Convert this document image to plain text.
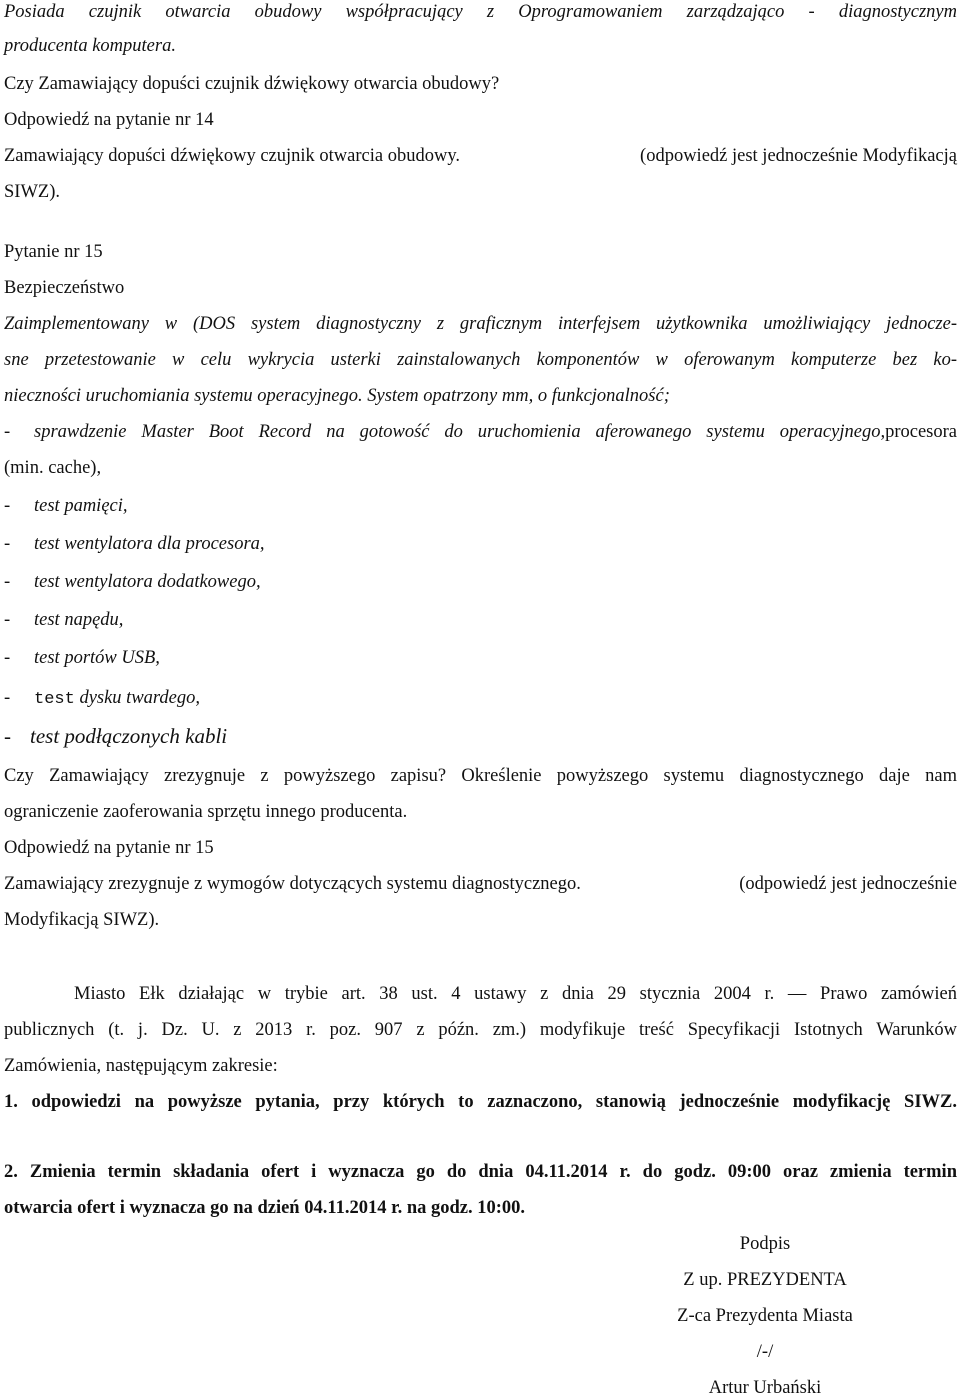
Posiada czujnik otwarcia obudowy współpracujący z Oprogramowaniem zarządzająco - diagnostycznym
producenta komputera.
Czy Zamawiający dopuści czujnik dźwiękowy otwarcia obudowy?
Odpowiedź na pytanie nr 14
Zamawiający dopuści dźwiękowy czujnik otwarcia obudowy.	(odpowiedź jest jednocześnie Modyfikacją
SIWZ).
Pytanie nr 15
Bezpieczeństwo
Zaimplementowany w (DOS system diagnostyczny z graficznym interfejsem użytkownika umożliwiający jednocze-
sne przetestowanie w celu wykrycia usterki zainstalowanych komponentów w oferowanym komputerze bez ko-
nieczności uruchomiania systemu operacyjnego. System opatrzony mm, o funkcjonalność;
- sprawdzenie Master Boot Record na gotowość do uruchomienia aferowanego systemu operacyjnego,procesora
(min. cache),
- test pamięci,
- test wentylatora dla procesora,
- test wentylatora dodatkowego,
- test napędu,
- test portów USB,
- test dysku twardego,
- test podłączonych kabli
Czy Zamawiający zrezygnuje z powyższego zapisu? Określenie powyższego systemu diagnostycznego daje nam
ograniczenie zaoferowania sprzętu innego producenta.
Odpowiedź na pytanie nr 15
Zamawiający zrezygnuje z wymogów dotyczących systemu diagnostycznego.	(odpowiedź jest jednocześnie
Modyfikacją SIWZ).
Miasto Ełk działając w trybie art. 38 ust. 4 ustawy z dnia 29 stycznia 2004 r. — Prawo zamówień
publicznych (t. j. Dz. U. z 2013 r. poz. 907 z późn. zm.) modyfikuje treść Specyfikacji Istotnych Warunków
Zamówienia, następującym zakresie:
1. odpowiedzi na powyższe pytania, przy których to zaznaczono, stanowią jednocześnie modyfikację SIWZ.
2. Zmienia termin składania ofert i wyznacza go do dnia 04.11.2014 r. do godz. 09:00 oraz zmienia termin
otwarcia ofert i wyznacza go na dzień 04.11.2014 r. na godz. 10:00.
Podpis
Z up. PREZYDENTA
Z-ca Prezydenta Miasta
/-/
Artur Urbański
